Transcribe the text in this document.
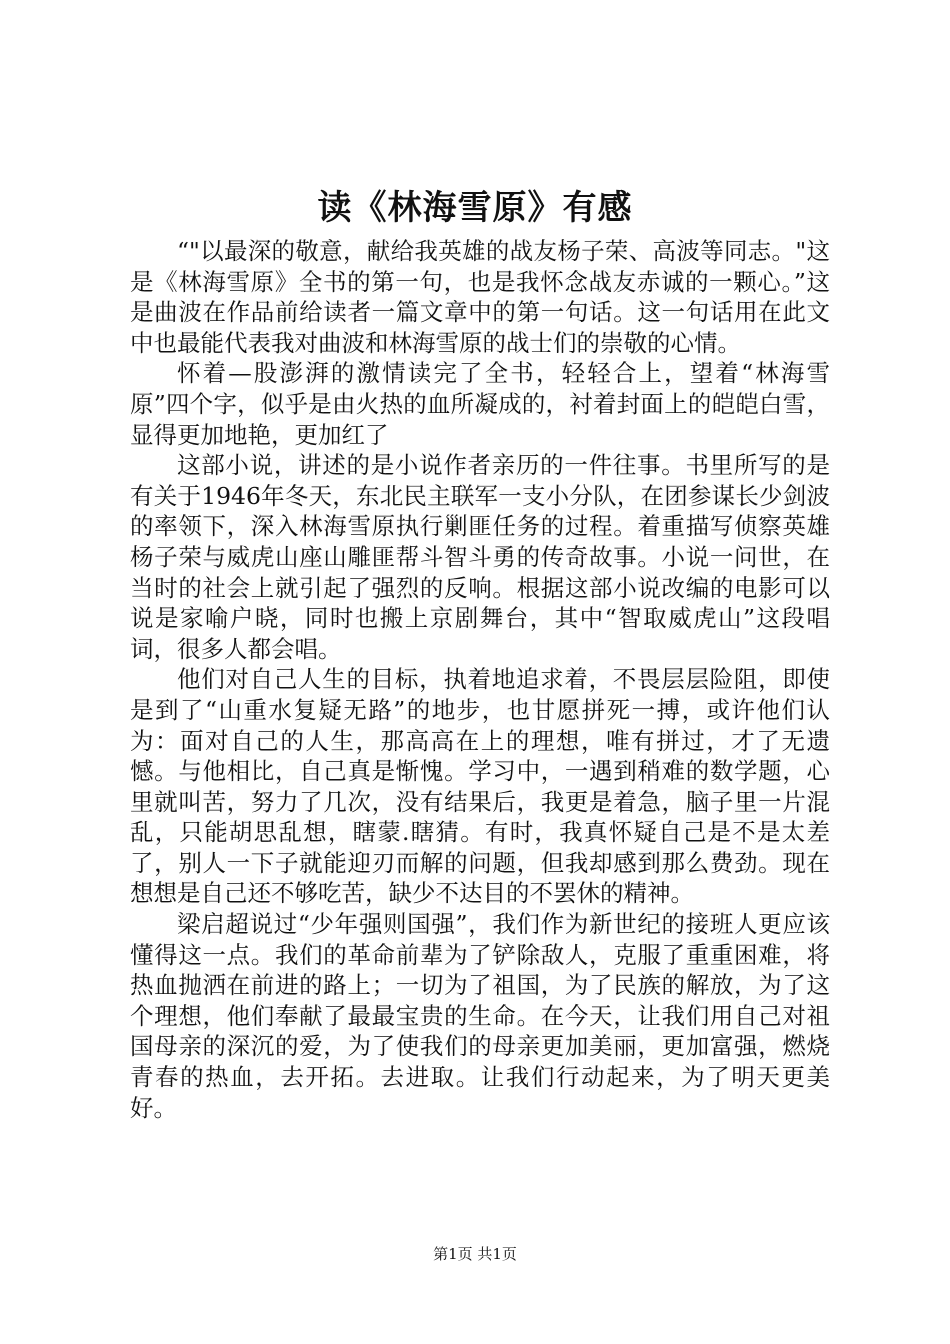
读《林海雪原》有感

“"以最深的敬意，献给我英雄的战友杨子荣、高波等同志。"这是《林海雪原》全书的第一句，也是我怀念战友赤诚的一颗心。”这是曲波在作品前给读者一篇文章中的第一句话。这一句话用在此文中也最能代表我对曲波和林海雪原的战士们的崇敬的心情。

怀着—股澎湃的激情读完了全书，轻轻合上，望着“林海雪原”四个字，似乎是由火热的血所凝成的，衬着封面上的皑皑白雪，显得更加地艳，更加红了

这部小说，讲述的是小说作者亲历的一件往事。书里所写的是有关于1946年冬天，东北民主联军一支小分队，在团参谋长少剑波的率领下，深入林海雪原执行剿匪任务的过程。着重描写侦察英雄杨子荣与威虎山座山雕匪帮斗智斗勇的传奇故事。小说一问世，在当时的社会上就引起了强烈的反响。根据这部小说改编的电影可以说是家喻户晓，同时也搬上京剧舞台，其中“智取威虎山”这段唱词，很多人都会唱。

他们对自己人生的目标，执着地追求着，不畏层层险阻，即使是到了“山重水复疑无路”的地步，也甘愿拼死一搏，或许他们认为：面对自己的人生，那高高在上的理想，唯有拼过，才了无遗憾。与他相比，自己真是惭愧。学习中，一遇到稍难的数学题，心里就叫苦，努力了几次，没有结果后，我更是着急，脑子里一片混乱，只能胡思乱想，瞎蒙.瞎猜。有时，我真怀疑自己是不是太差了，别人一下子就能迎刃而解的问题，但我却感到那么费劲。现在想想是自己还不够吃苦，缺少不达目的不罢休的精神。

梁启超说过“少年强则国强”，我们作为新世纪的接班人更应该懂得这一点。我们的革命前辈为了铲除敌人，克服了重重困难，将热血抛洒在前进的路上；一切为了祖国，为了民族的解放，为了这个理想，他们奉献了最最宝贵的生命。在今天，让我们用自己对祖国母亲的深沉的爱，为了使我们的母亲更加美丽，更加富强，燃烧青春的热血，去开拓。去进取。让我们行动起来，为了明天更美好。

第1页 共1页
